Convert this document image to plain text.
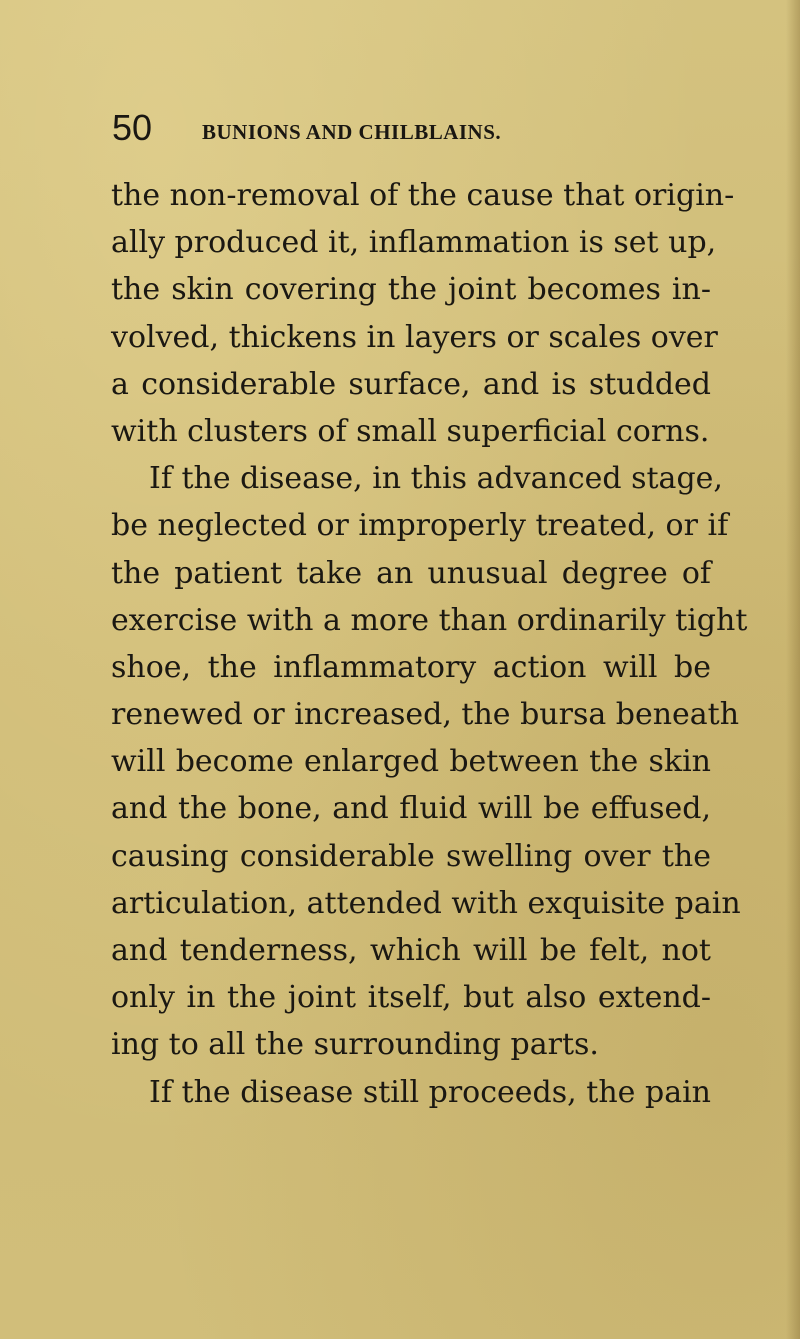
50 BUNIONS AND CHILBLAINS.
the non-removal of the cause that origin-
ally produced it, inflammation is set up,
the skin covering the joint becomes in-
volved, thickens in layers or scales over
a considerable surface, and is studded
with clusters of small superficial corns.
If the disease, in this advanced stage,
be neglected or improperly treated, or if
the patient take an unusual degree of
exercise with a more than ordinarily tight
shoe, the inflammatory action will be
renewed or increased, the bursa beneath
will become enlarged between the skin
and the bone, and fluid will be effused,
causing considerable swelling over the
articulation, attended with exquisite pain
and tenderness, which will be felt, not
only in the joint itself, but also extend-
ing to all the surrounding parts.
If the disease still proceeds, the pain
